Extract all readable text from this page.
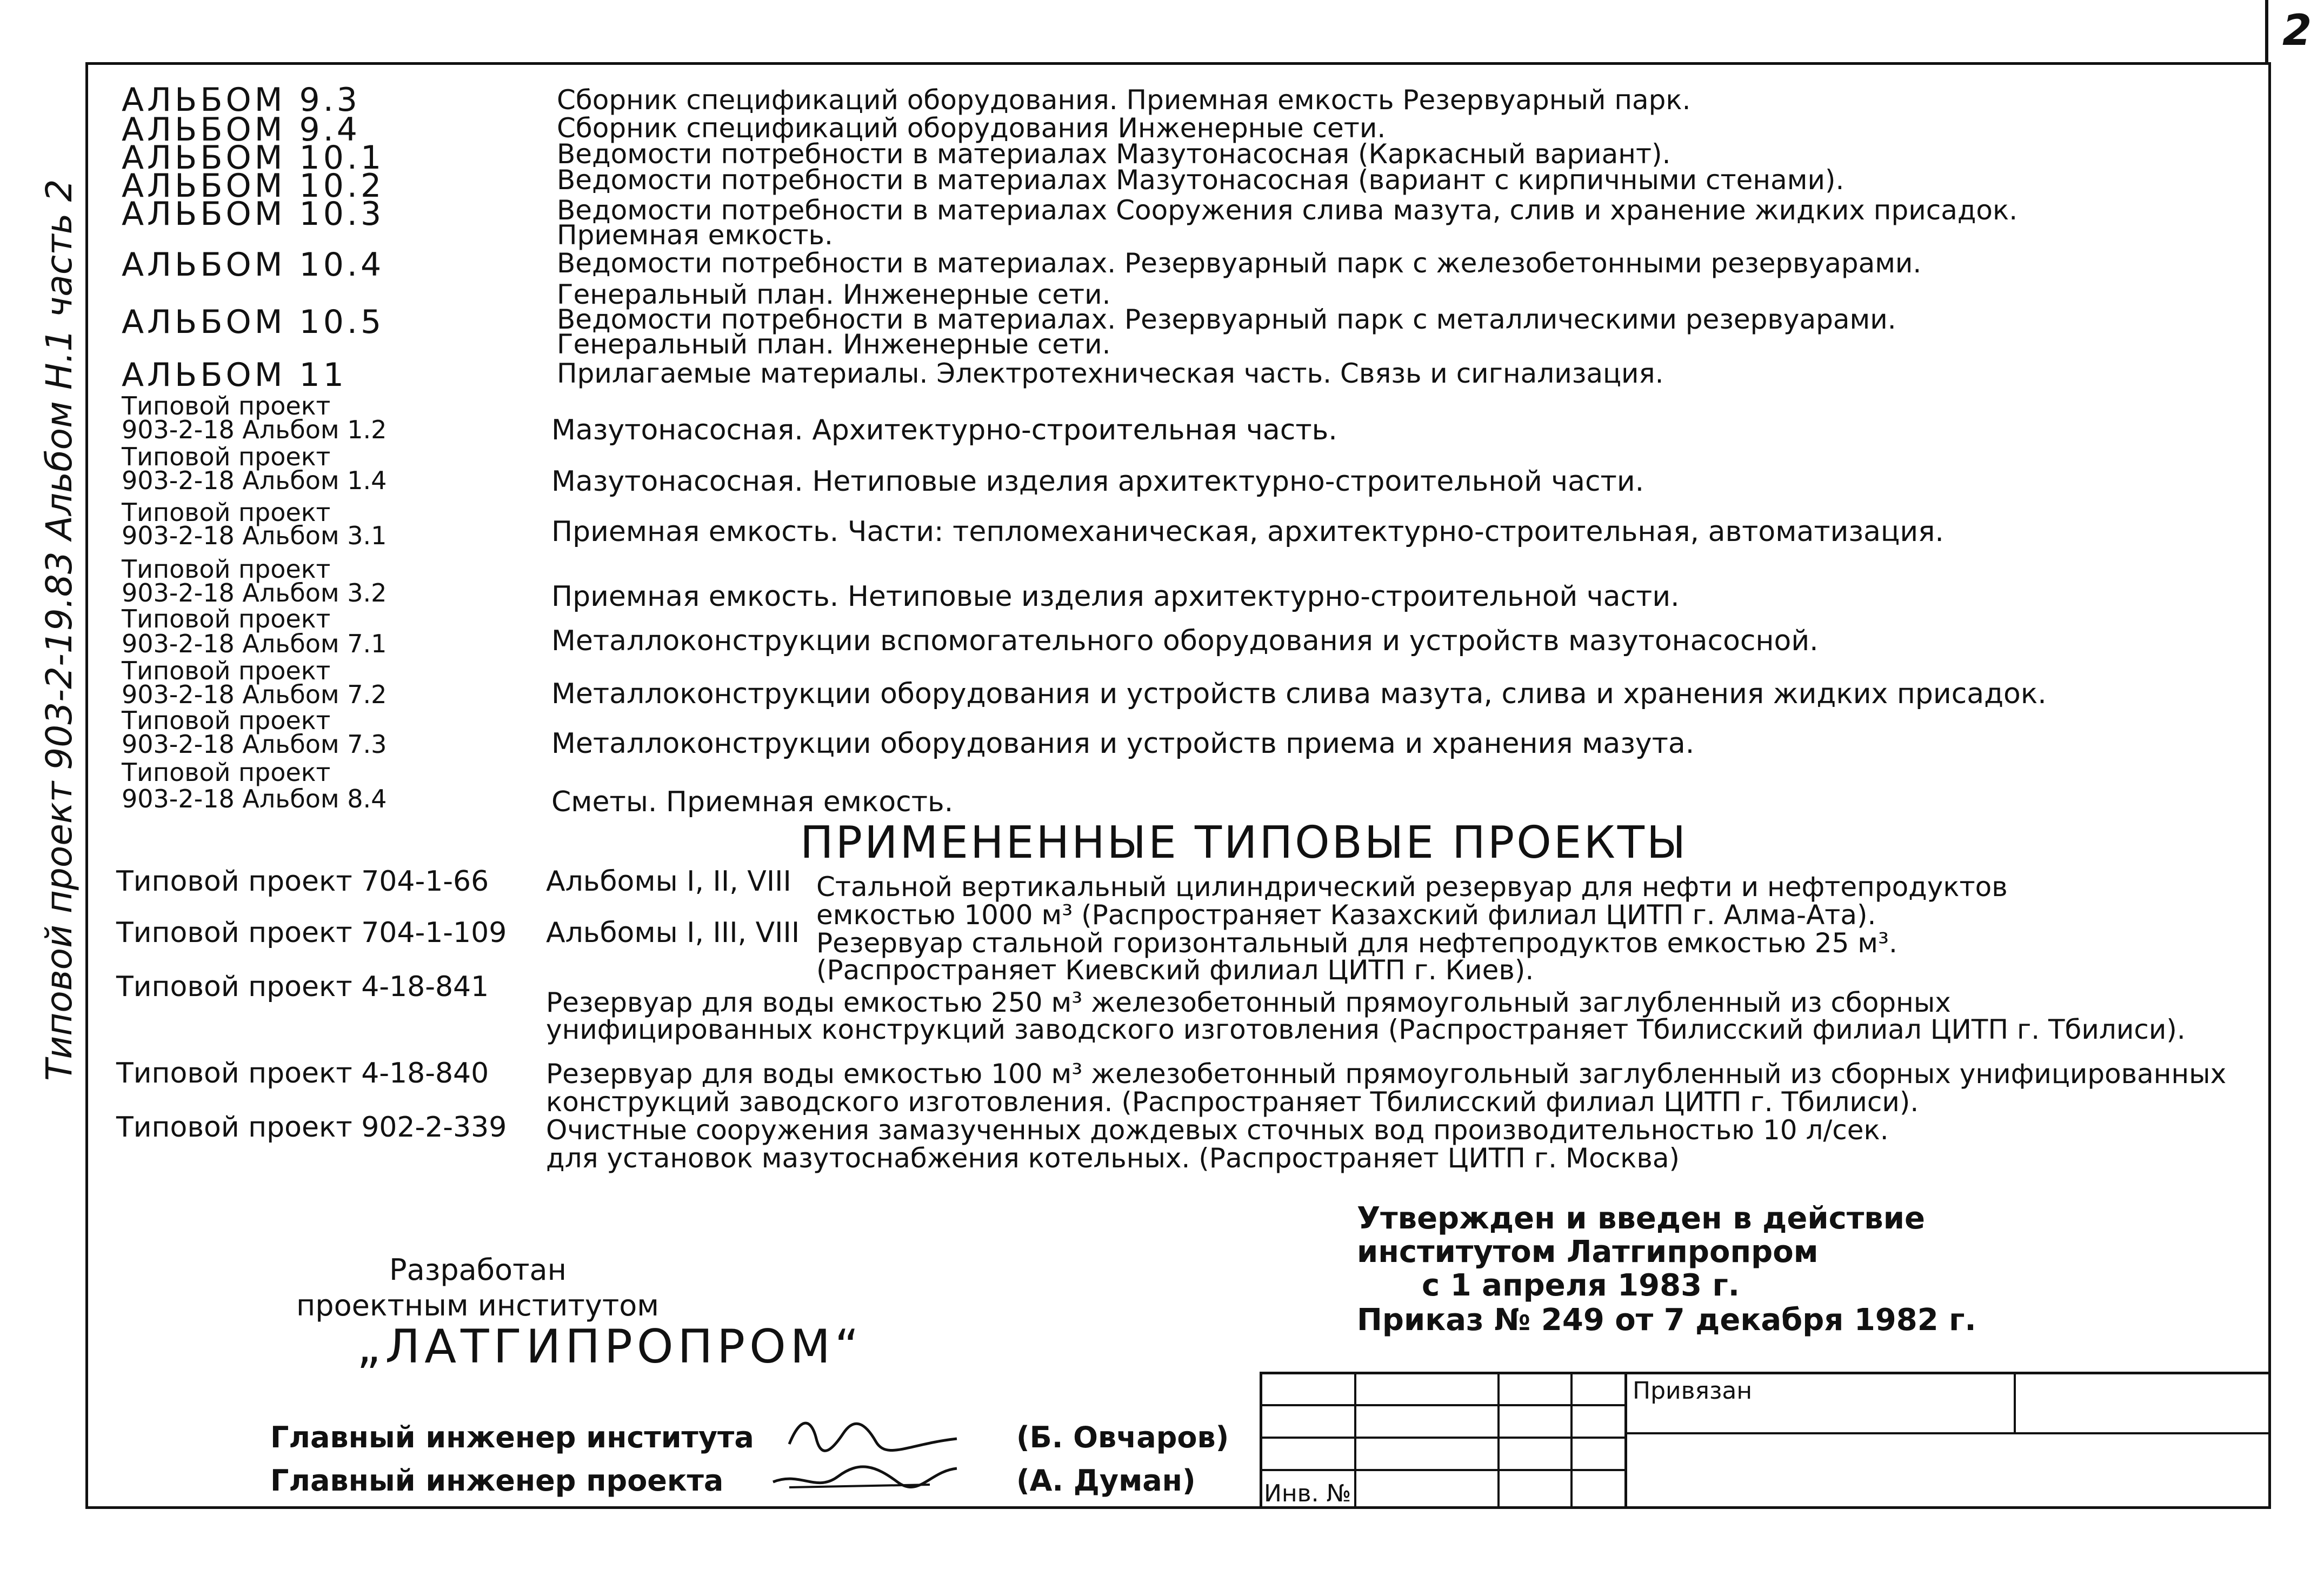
2
Типовой проект 903-2-19.83 Альбом H.1 часть 2
АЛЬБОМ 9.3	Сборник спецификаций оборудования. Приемная емкость Резервуарный парк.
АЛЬБОМ 9.4	Сборник спецификаций оборудования Инженерные сети.
АЛЬБОМ 10.1	Ведомости потребности в материалах Мазутонасосная (Каркасный вариант).
АЛЬБОМ 10.2	Ведомости потребности в материалах Мазутонасосная (вариант с кирпичными стенами).
АЛЬБОМ 10.3	Ведомости потребности в материалах Сооружения слива мазута, слив и хранение жидких присадок.
Приемная емкость.
АЛЬБОМ 10.4	Ведомости потребности в материалах. Резервуарный парк с железобетонными резервуарами.
Генеральный план. Инженерные сети.
АЛЬБОМ 10.5	Ведомости потребности в материалах. Резервуарный парк с металлическими резервуарами.
Генеральный план. Инженерные сети.
АЛЬБОМ 11	Прилагаемые материалы. Электротехническая часть. Связь и сигнализация.
Типовой проект
903-2-18 Альбом 1.2	Мазутонасосная. Архитектурно-строительная часть.
Типовой проект
903-2-18 Альбом 1.4	Мазутонасосная. Нетиповые изделия архитектурно-строительной части.
Типовой проект
903-2-18 Альбом 3.1	Приемная емкость. Части: тепломеханическая, архитектурно-строительная, автоматизация.
Типовой проект
903-2-18 Альбом 3.2	Приемная емкость. Нетиповые изделия архитектурно-строительной части.
Типовой проект
903-2-18 Альбом 7.1	Металлоконструкции вспомогательного оборудования и устройств мазутонасосной.
Типовой проект
903-2-18 Альбом 7.2	Металлоконструкции оборудования и устройств слива мазута, слива и хранения жидких присадок.
Типовой проект
903-2-18 Альбом 7.3	Металлоконструкции оборудования и устройств приема и хранения мазута.
Типовой проект
903-2-18 Альбом 8.4	Сметы. Приемная емкость.
ПРИМЕНЕННЫЕ ТИПОВЫЕ ПРОЕКТЫ
Типовой проект 704-1-66 Альбомы I, II, VIII Стальной вертикальный цилиндрический резервуар для нефти и нефтепродуктов
емкостью 1000 м³ (Распространяет Казахский филиал ЦИТП г. Алма-Ата).
Типовой проект 704-1-109 Альбомы I, III, VIII Резервуар стальной горизонтальный для нефтепродуктов емкостью 25 м³.
(Распространяет Киевский филиал ЦИТП г. Киев).
Типовой проект 4-18-841 Резервуар для воды емкостью 250 м³ железобетонный прямоугольный заглубленный из сборных
унифицированных конструкций заводского изготовления (Распространяет Тбилисский филиал ЦИТП г. Тбилиси).
Типовой проект 4-18-840 Резервуар для воды емкостью 100 м³ железобетонный прямоугольный заглубленный из сборных унифицированных
конструкций заводского изготовления. (Распространяет Тбилисский филиал ЦИТП г. Тбилиси).
Типовой проект 902-2-339 Очистные сооружения замазученных дождевых сточных вод производительностью 10 л/сек.
для установок мазутоснабжения котельных. (Распространяет ЦИТП г. Москва)
Разработан
проектным институтом
„ЛАТГИПРОПРОМ“
Утвержден и введен в действие
институтом Латгипропром
с 1 апреля 1983 г.
Приказ № 249 от 7 декабря 1982 г.
Главный инженер института	(Б. Овчаров)
Главный инженер проекта	(А. Думан)
Привязан
Инв. №
